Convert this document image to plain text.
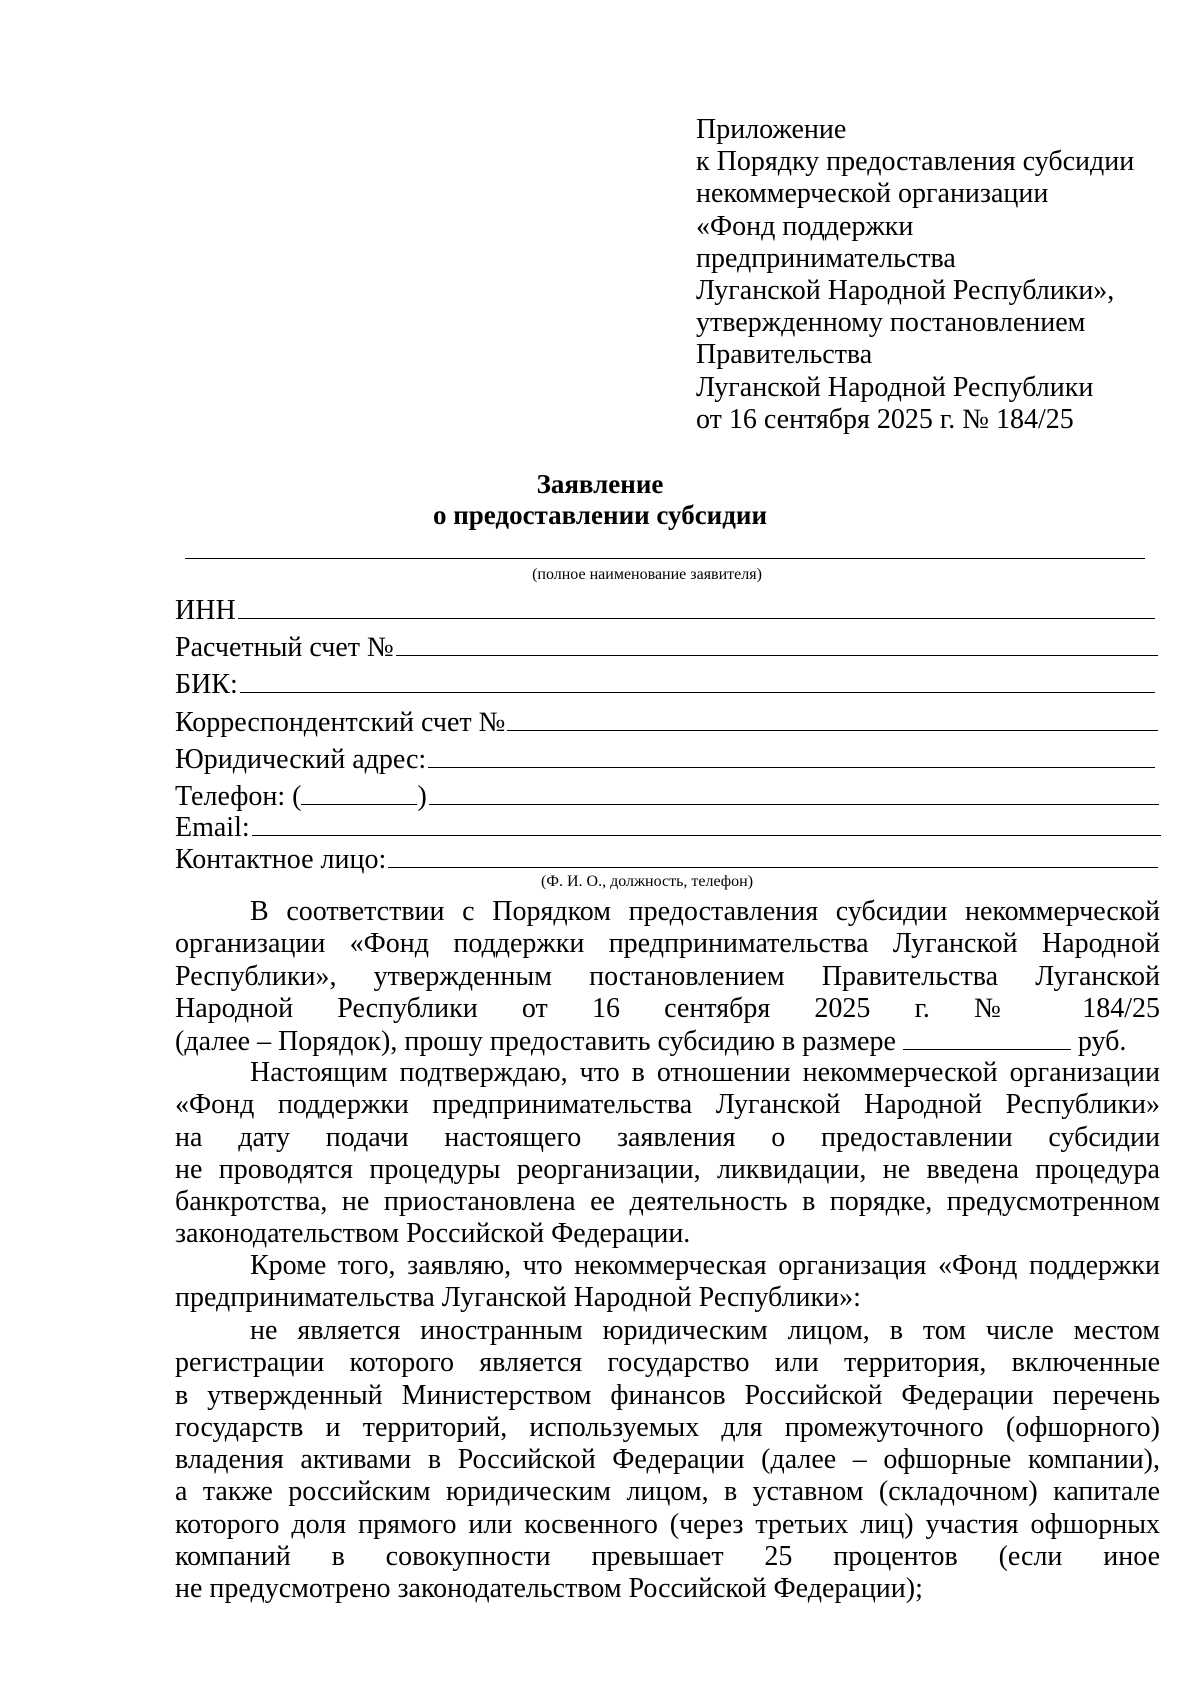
Приложение
к Порядку предоставления субсидии
некоммерческой организации
«Фонд поддержки
предпринимательства
Луганской Народной Республики»,
утвержденному постановлением
Правительства
Луганской Народной Республики
от 16 сентября 2025 г. № 184/25
Заявление
о предоставлении субсидии
(полное наименование заявителя)
ИНН
Расчетный счет №
БИК:
Корреспондентский счет №
Юридический адрес:
Телефон: (	)
Email:
Контактное лицо:
(Ф. И. О., должность, телефон)
В соответствии с Порядком предоставления субсидии некоммерческой
организации «Фонд поддержки предпринимательства Луганской Народной
Республики», утвержденным постановлением Правительства Луганской
Народной Республики от 16 сентября 2025 г. № 184/25
(далее – Порядок), прошу предоставить субсидию в размере	руб.
Настоящим подтверждаю, что в отношении некоммерческой организации
«Фонд поддержки предпринимательства Луганской Народной Республики»
на дату подачи настоящего заявления о предоставлении субсидии
не проводятся процедуры реорганизации, ликвидации, не введена процедура
банкротства, не приостановлена ее деятельность в порядке, предусмотренном
законодательством Российской Федерации.
Кроме того, заявляю, что некоммерческая организация «Фонд поддержки
предпринимательства Луганской Народной Республики»:
не является иностранным юридическим лицом, в том числе местом
регистрации которого является государство или территория, включенные
в утвержденный Министерством финансов Российской Федерации перечень
государств и территорий, используемых для промежуточного (офшорного)
владения активами в Российской Федерации (далее – офшорные компании),
а также российским юридическим лицом, в уставном (складочном) капитале
которого доля прямого или косвенного (через третьих лиц) участия офшорных
компаний в совокупности превышает 25 процентов (если иное
не предусмотрено законодательством Российской Федерации);
